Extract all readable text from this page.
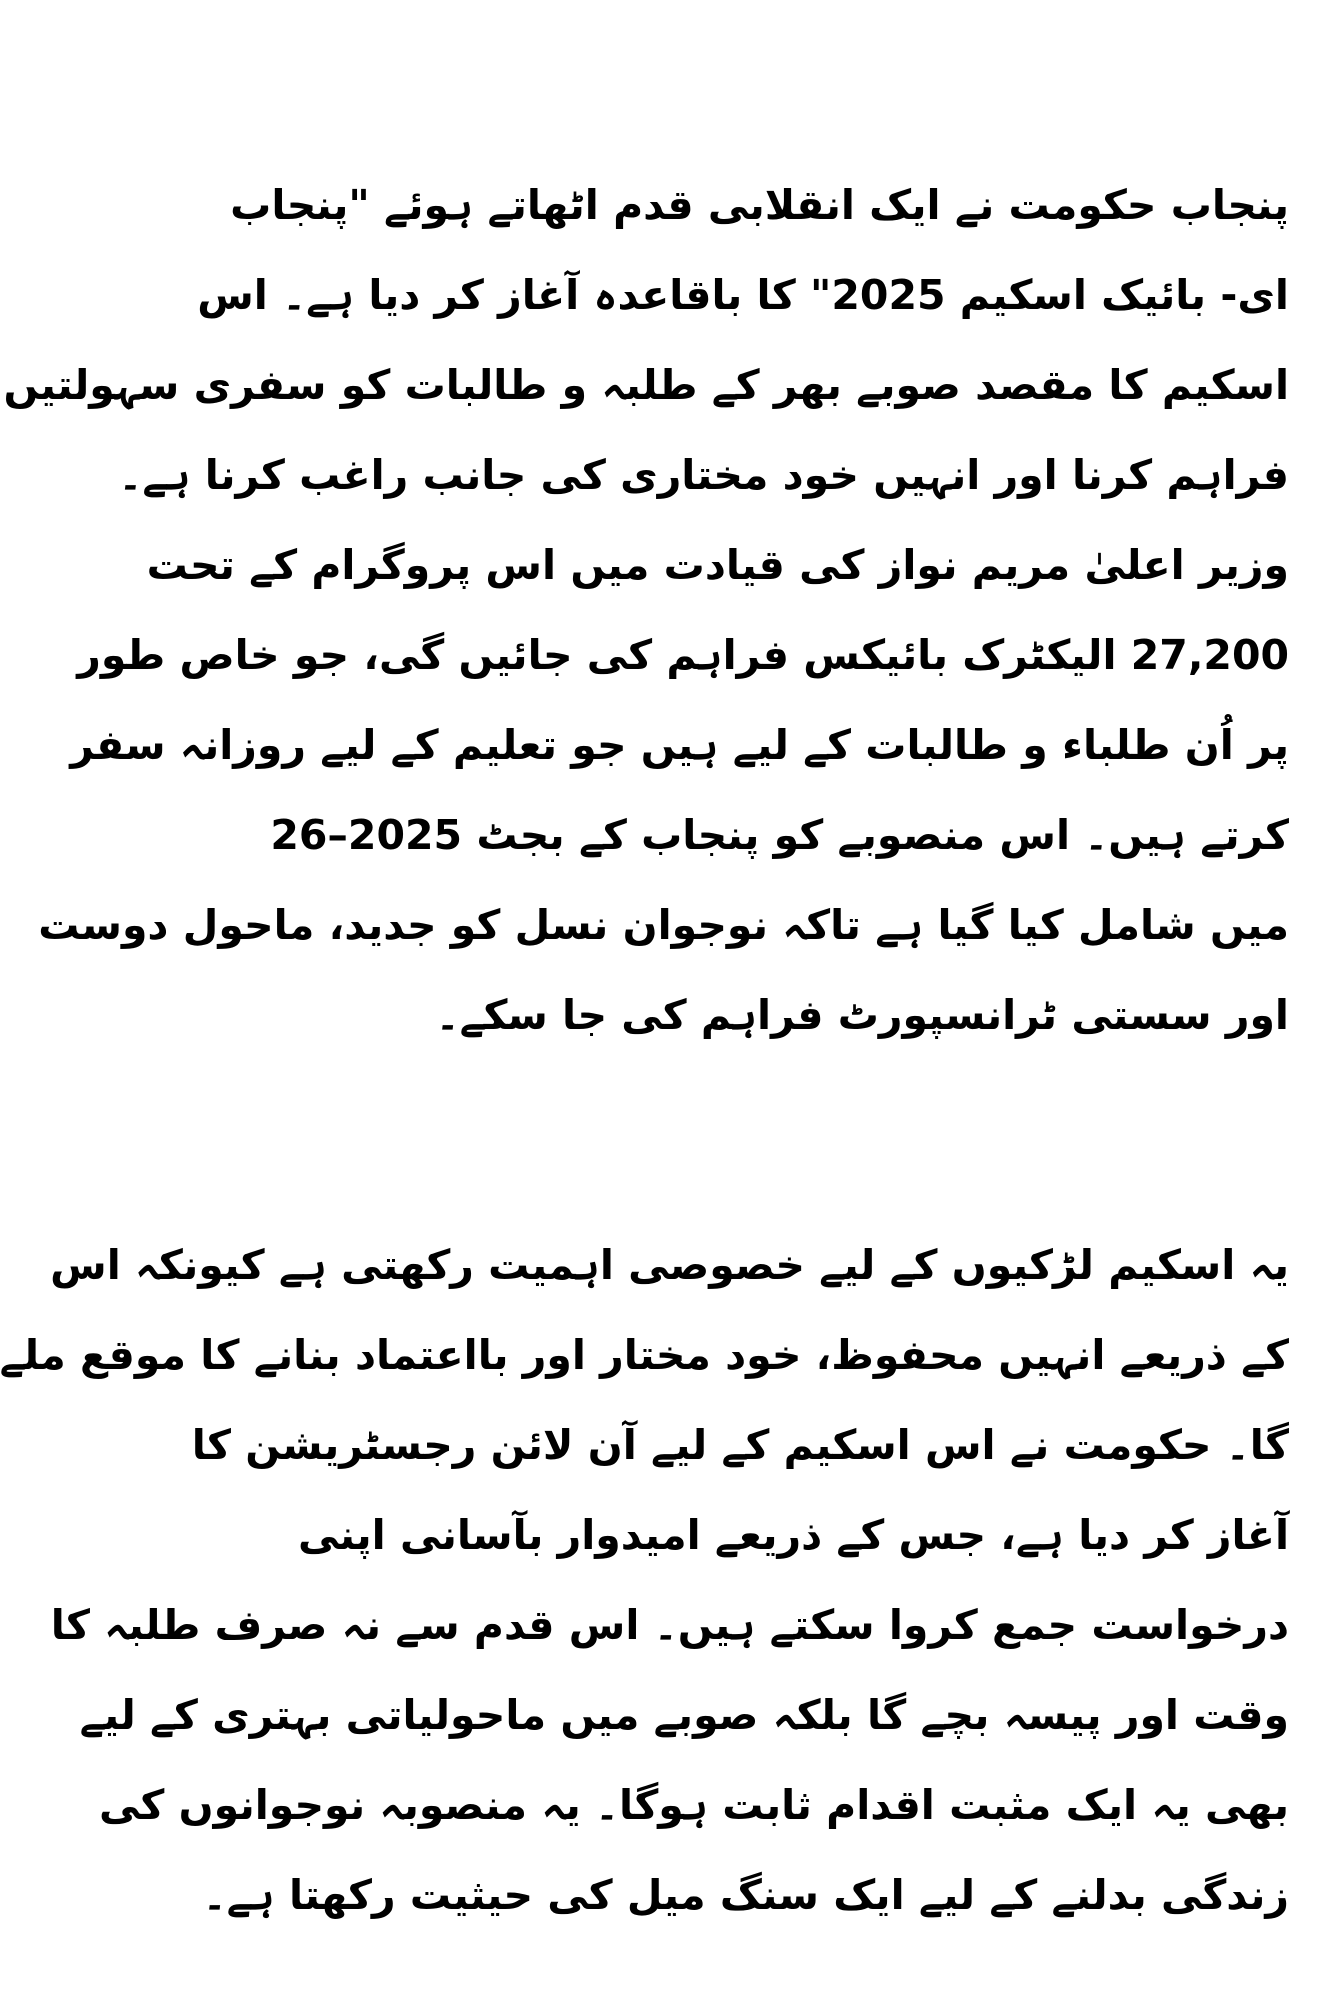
پنجاب حکومت نے ایک انقلابی قدم اٹھاتے ہوئے "پنجاب
ای- بائیک اسکیم 2025" کا باقاعدہ آغاز کر دیا ہے۔ اس
اسکیم کا مقصد صوبے بھر کے طلبہ و طالبات کو سفری سہولتیں
فراہم کرنا اور انہیں خود مختاری کی جانب راغب کرنا ہے۔
وزیر اعلیٰ مریم نواز کی قیادت میں اس پروگرام کے تحت
27,200 الیکٹرک بائیکس فراہم کی جائیں گی، جو خاص طور
پر اُن طلباء و طالبات کے لیے ہیں جو تعلیم کے لیے روزانہ سفر
کرتے ہیں۔ اس منصوبے کو پنجاب کے بجٹ 2025–26
میں شامل کیا گیا ہے تاکہ نوجوان نسل کو جدید، ماحول دوست
اور سستی ٹرانسپورٹ فراہم کی جا سکے۔
یہ اسکیم لڑکیوں کے لیے خصوصی اہمیت رکھتی ہے کیونکہ اس
کے ذریعے انہیں محفوظ، خود مختار اور بااعتماد بنانے کا موقع ملے
گا۔ حکومت نے اس اسکیم کے لیے آن لائن رجسٹریشن کا
آغاز کر دیا ہے، جس کے ذریعے امیدوار بآسانی اپنی
درخواست جمع کروا سکتے ہیں۔ اس قدم سے نہ صرف طلبہ کا
وقت اور پیسہ بچے گا بلکہ صوبے میں ماحولیاتی بہتری کے لیے
بھی یہ ایک مثبت اقدام ثابت ہوگا۔ یہ منصوبہ نوجوانوں کی
زندگی بدلنے کے لیے ایک سنگ میل کی حیثیت رکھتا ہے۔
